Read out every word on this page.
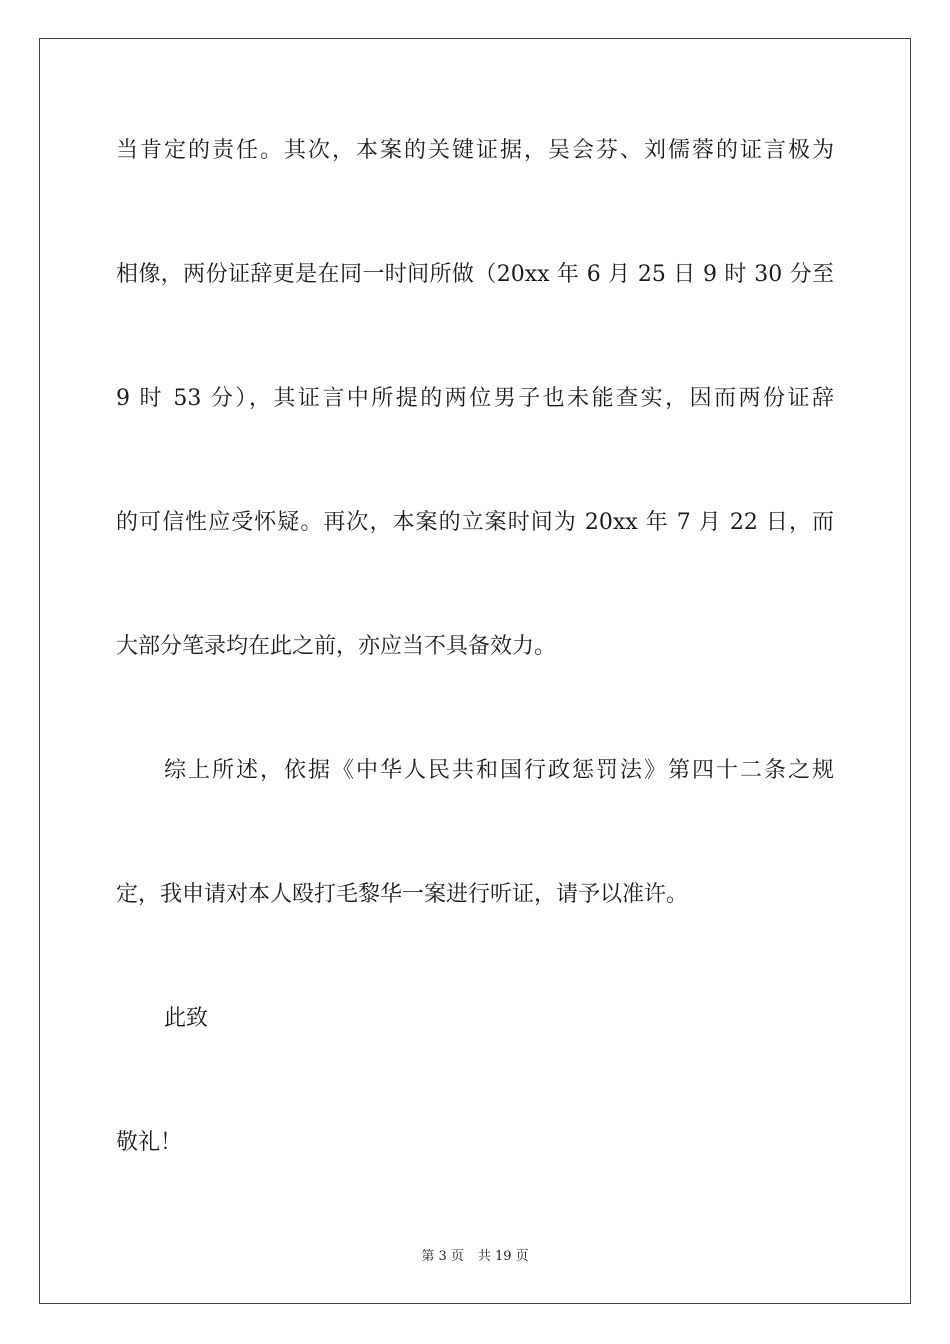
当肯定的责任。其次，本案的关键证据，吴会芬、刘儒蓉的证言极为

相像，两份证辞更是在同一时间所做（20xx 年 6 月 25 日 9 时 30 分至

9 时 53 分），其证言中所提的两位男子也未能查实，因而两份证辞

的可信性应受怀疑。再次，本案的立案时间为 20xx 年 7 月 22 日，而

大部分笔录均在此之前，亦应当不具备效力。

综上所述，依据《中华人民共和国行政惩罚法》第四十二条之规

定，我申请对本人殴打毛黎华一案进行听证，请予以准许。

此致

敬礼！

第 3 页 共 19 页
